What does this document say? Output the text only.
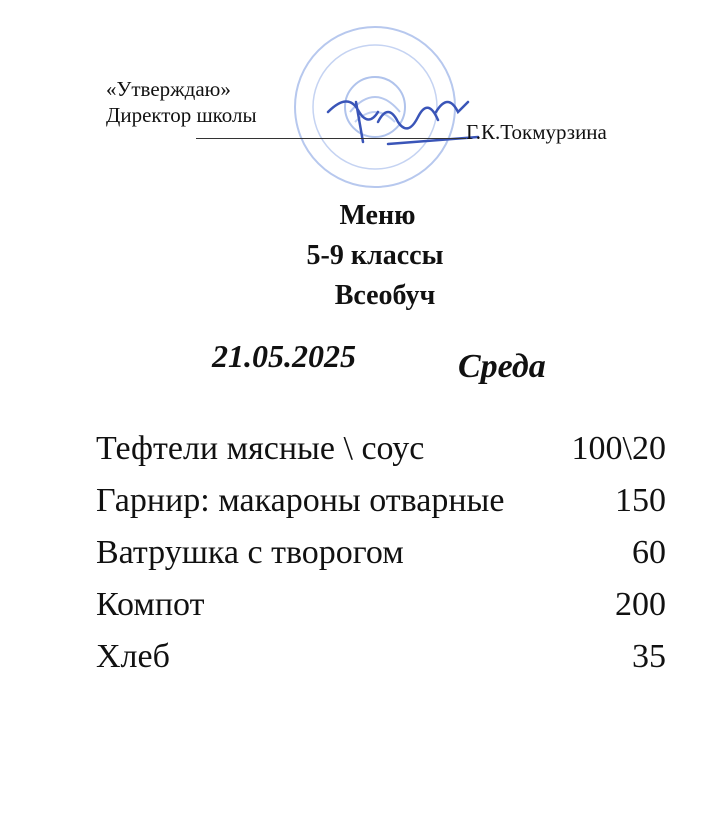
«Утверждаю»
Директор школы
Г.К.Токмурзина
Меню
5-9 классы
Всеобуч
21.05.2025	Среда
Тефтели мясные \ соус	100\20
Гарнир: макароны отварные	150
Ватрушка с творогом	60
Компот	200
Хлеб	35
